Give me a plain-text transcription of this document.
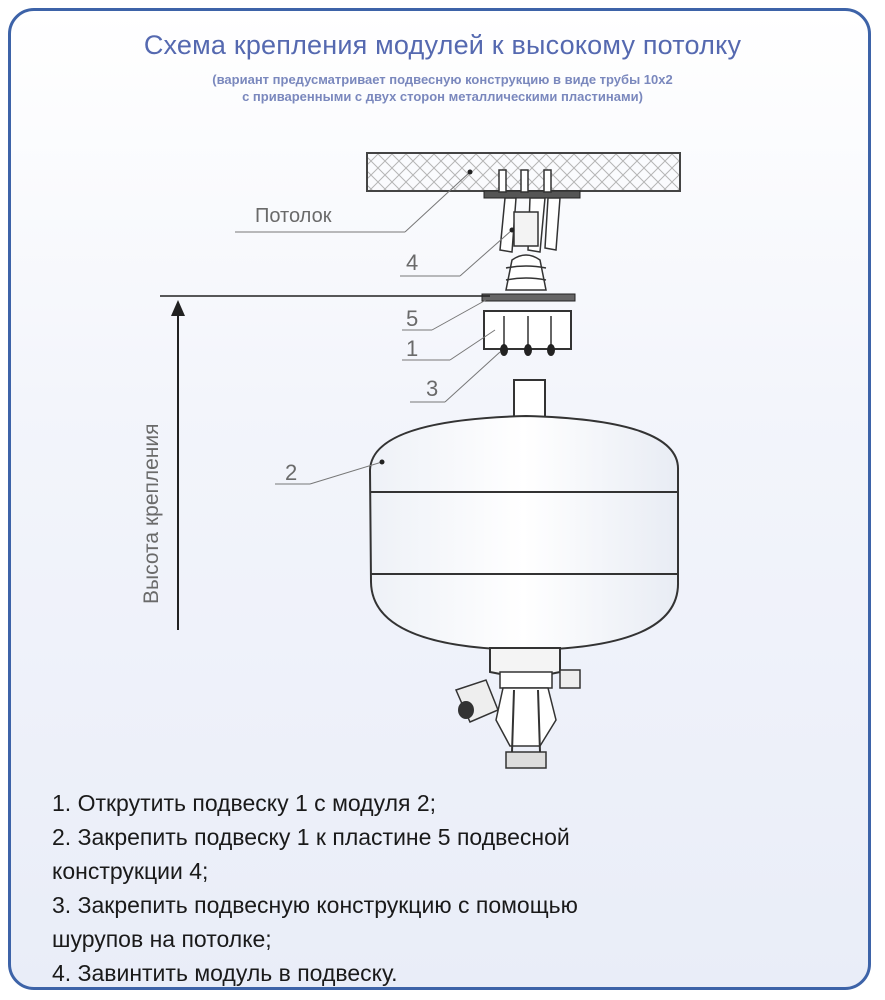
Схема крепления модулей к высокому потолку
(вариант предусматривает подвесную конструкцию в виде трубы 10х2
с приваренными с двух сторон металлическими пластинами)
Потолок
4
5
1
3
2
Высота крепления
1. Открутить подвеску 1 с модуля 2;
2. Закрепить подвеску 1 к пластине 5 подвесной
конструкции 4;
3. Закрепить подвесную конструкцию с помощью
шурупов на потолке;
4. Завинтить модуль в подвеску.
